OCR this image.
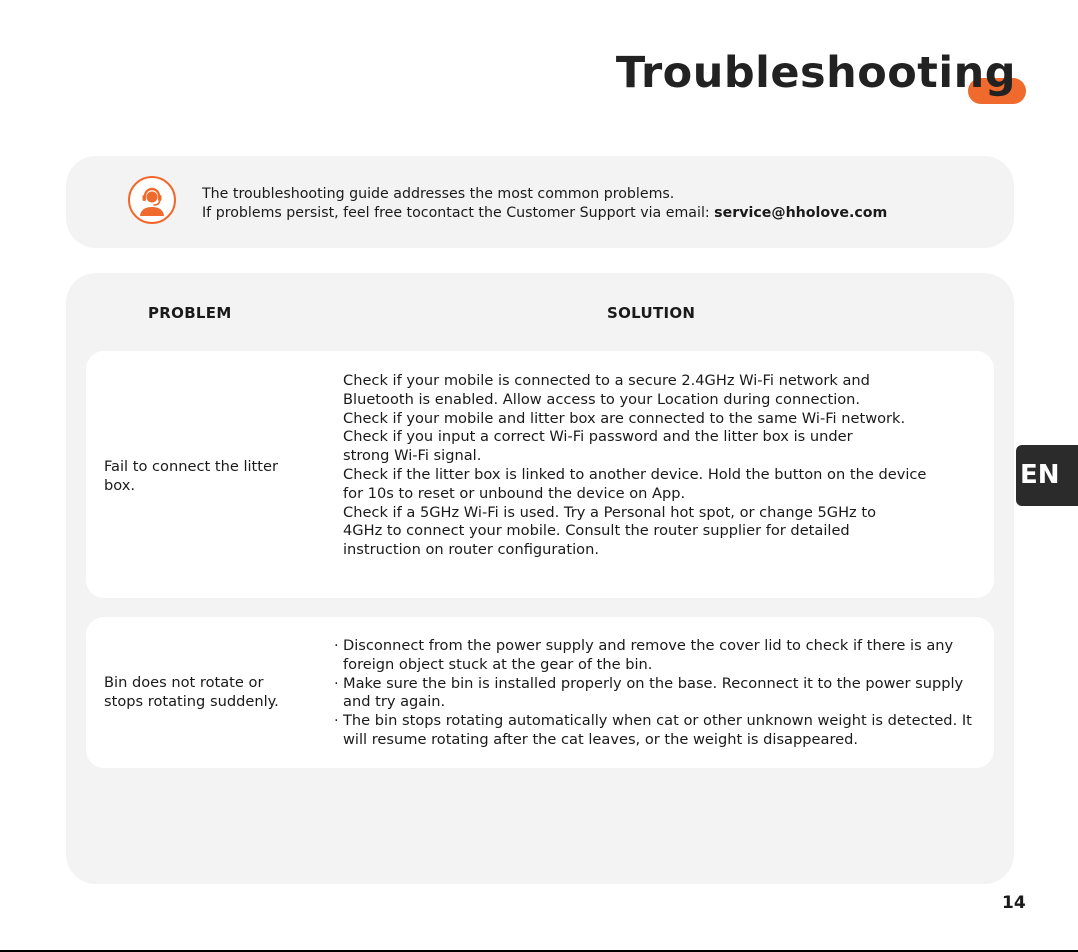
Troubleshooting
The troubleshooting guide addresses the most common problems.
If problems persist, feel free tocontact the Customer Support via email: service@hholove.com
PROBLEM	SOLUTION
Fail to connect the litter box.
Check if your mobile is connected to a secure 2.4GHz Wi-Fi network and
Bluetooth is enabled. Allow access to your Location during connection.
Check if your mobile and litter box are connected to the same Wi-Fi network.
Check if you input a correct Wi-Fi password and the litter box is under
strong Wi-Fi signal.
Check if the litter box is linked to another device. Hold the button on the device
for 10s to reset or unbound the device on App.
Check if a 5GHz Wi-Fi is used. Try a Personal hot spot, or change 5GHz to
4GHz to connect your mobile. Consult the router supplier for detailed
instruction on router configuration.
Bin does not rotate or stops rotating suddenly.
· Disconnect from the power supply and remove the cover lid to check if there is any foreign object stuck at the gear of the bin.
· Make sure the bin is installed properly on the base. Reconnect it to the power supply and try again.
· The bin stops rotating automatically when cat or other unknown weight is detected. It will resume rotating after the cat leaves, or the weight is disappeared.
EN
14
